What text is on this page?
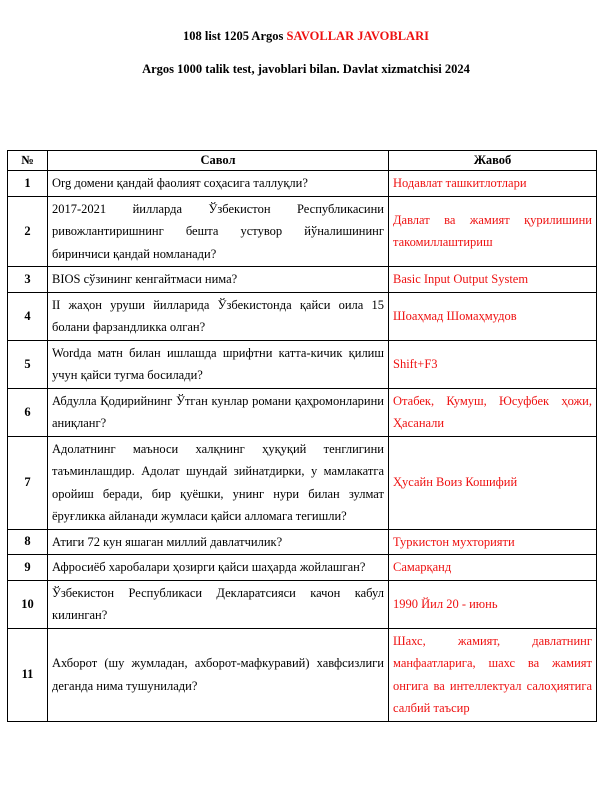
108 list 1205 Argos SAVOLLAR JAVOBLARI
Argos 1000 talik test, javoblari bilan. Davlat xizmatchisi 2024
№	Савол	Жавоб
1	Org домени қандай фаолият соҳасига таллуқли?	Нодавлат ташкитлотлари
2	2017-2021 йилларда Ўзбекистон Республикасини ривожлантиришнинг бешта устувор йўналишининг биринчиси қандай номланади?	Давлат ва жамият қурилишини такомиллаштириш
3	BIOS сўзининг кенгайтмаси нима?	Basic Input Output System
4	II жаҳон уруши йилларида Ўзбекистонда қайси оила 15 болани фарзандликка олган?	Шоаҳмад Шомаҳмудов
5	Wordда матн билан ишлашда шрифтни катта-кичик қилиш учун қайси тугма босилади?	Shift+F3
6	Абдулла Қодирийнинг Ўтган кунлар романи қаҳромонларини аниқланг?	Отабек, Кумуш, Юсуфбек ҳожи, Ҳасанали
7	Адолатнинг маъноси халқнинг ҳуқуқий тенглигини таъминлашдир. Адолат шундай зийнатдирки, у мамлакатга оройиш беради, бир қуёшки, унинг нури билан зулмат ёруғликка айланади жумласи қайси алломага тегишли?	Ҳусайн Воиз Кошифий
8	Атиги 72 кун яшаган миллий давлатчилик?	Туркистон мухторияти
9	Афросиёб харобалари ҳозирги қайси шаҳарда жойлашган?	Самарқанд
10	Ўзбекистон Республикаси Декларатсияси качон кабул килинган?	1990 Йил 20 - июнь
11	Ахборот (шу жумладан, ахборот-мафкуравий) хавфсизлиги деганда нима тушунилади?	Шахс, жамият, давлатнинг манфаатларига, шахс ва жамият онгига ва интеллектуал салоҳиятига салбий таъсир
